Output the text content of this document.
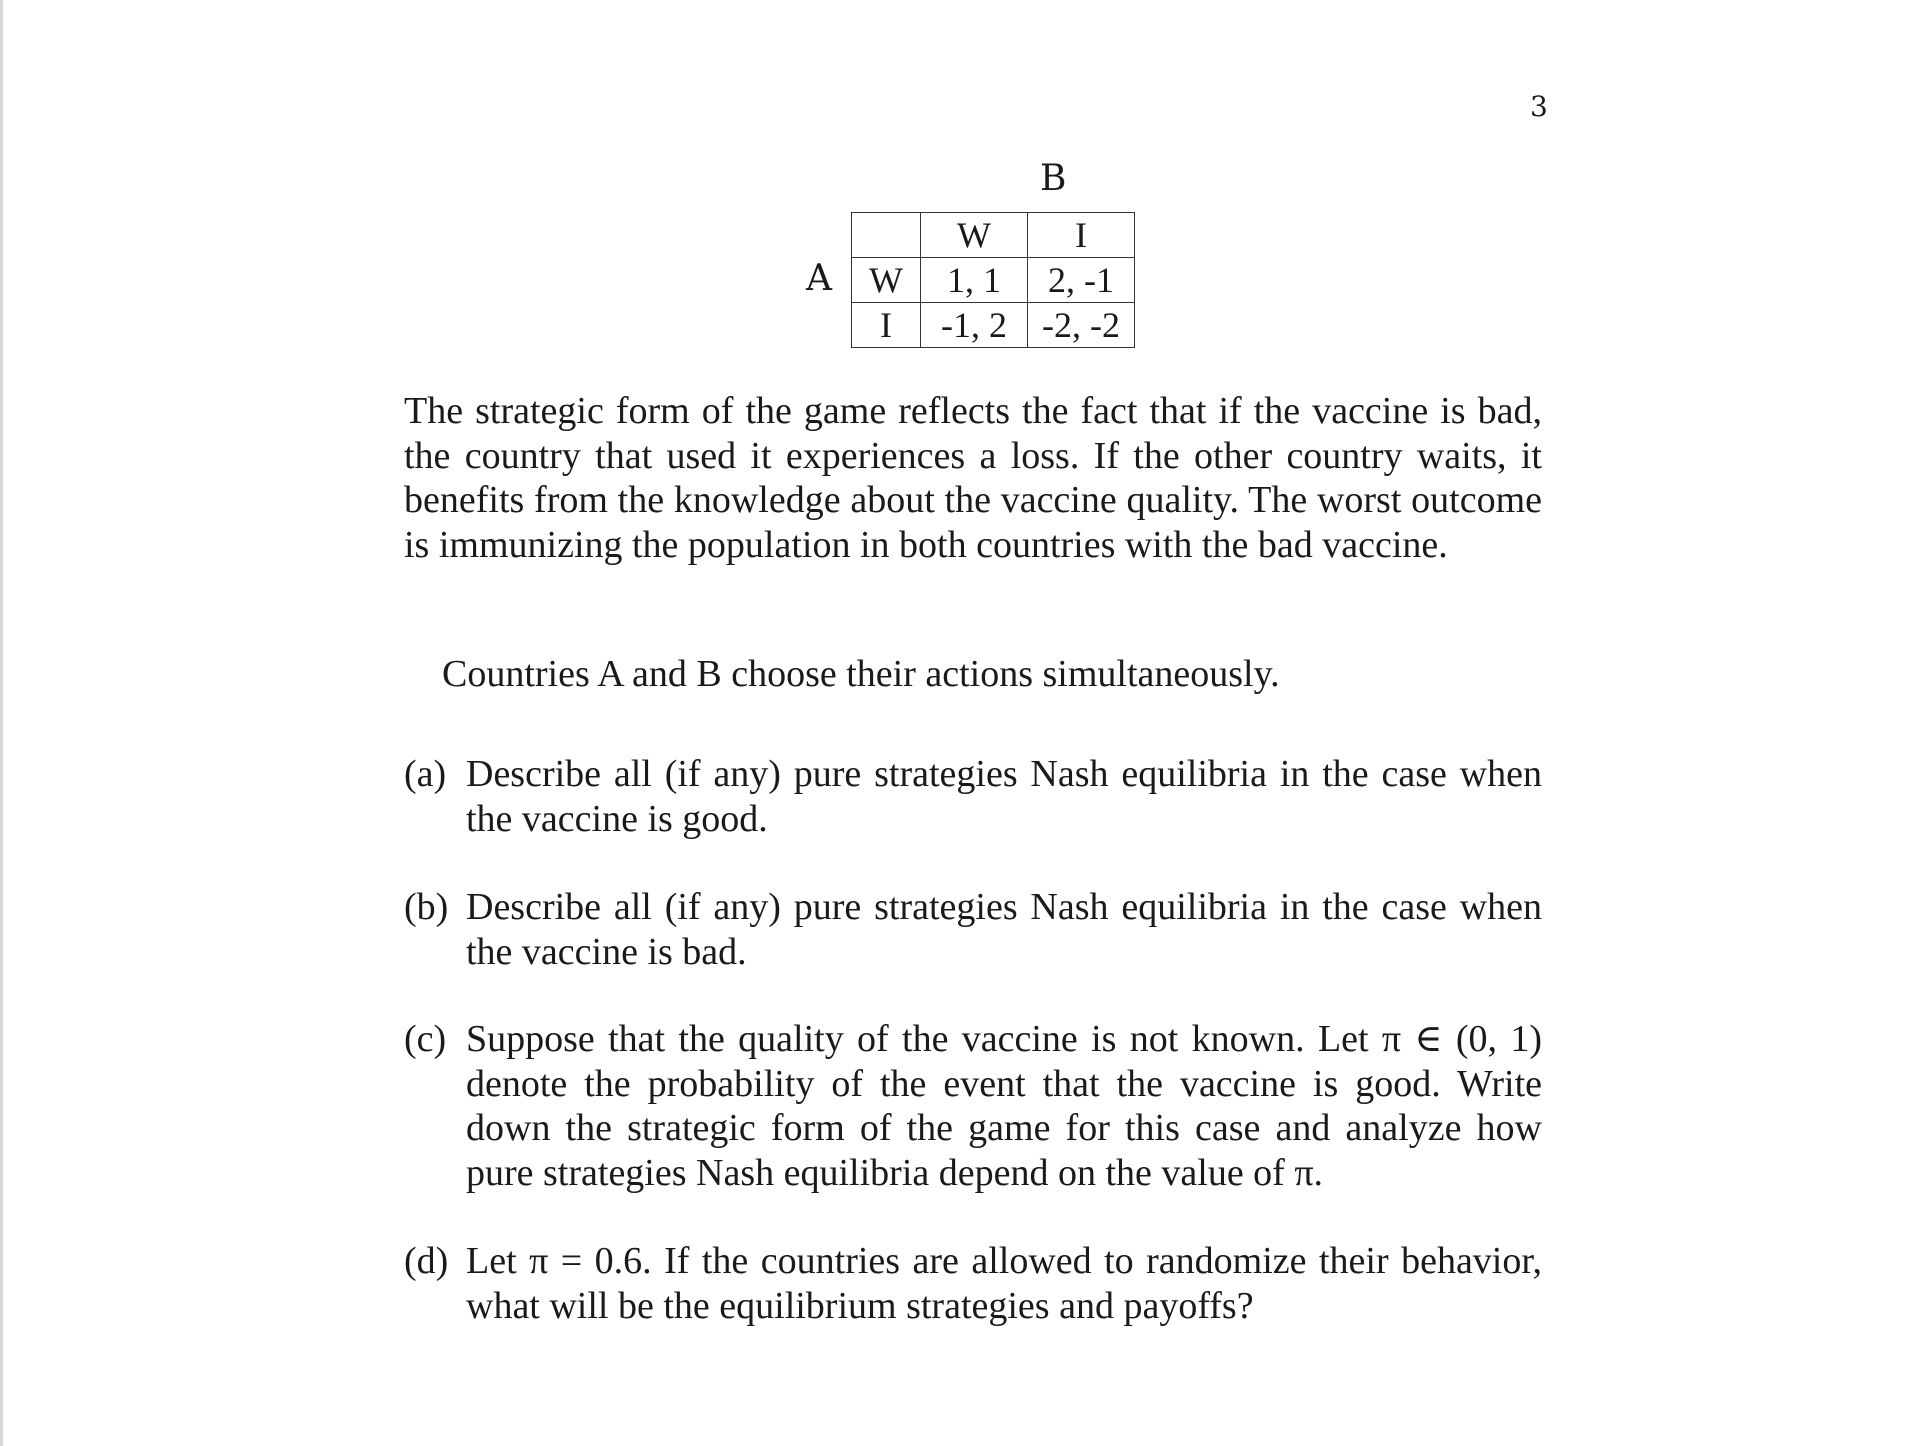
3
B
A
	W	I
W	1, 1	2, -1
I	-1, 2	-2, -2
The strategic form of the game reflects the fact that if the vaccine is bad, the country that used it experiences a loss. If the other country waits, it benefits from the knowledge about the vaccine quality. The worst outcome is immunizing the population in both countries with the bad vaccine.
Countries A and B choose their actions simultaneously.
(a) Describe all (if any) pure strategies Nash equilibria in the case when the vaccine is good.
(b) Describe all (if any) pure strategies Nash equilibria in the case when the vaccine is bad.
(c) Suppose that the quality of the vaccine is not known. Let π ∈ (0, 1) denote the probability of the event that the vaccine is good. Write down the strategic form of the game for this case and analyze how pure strategies Nash equilibria depend on the value of π.
(d) Let π = 0.6. If the countries are allowed to randomize their behavior, what will be the equilibrium strategies and payoffs?
